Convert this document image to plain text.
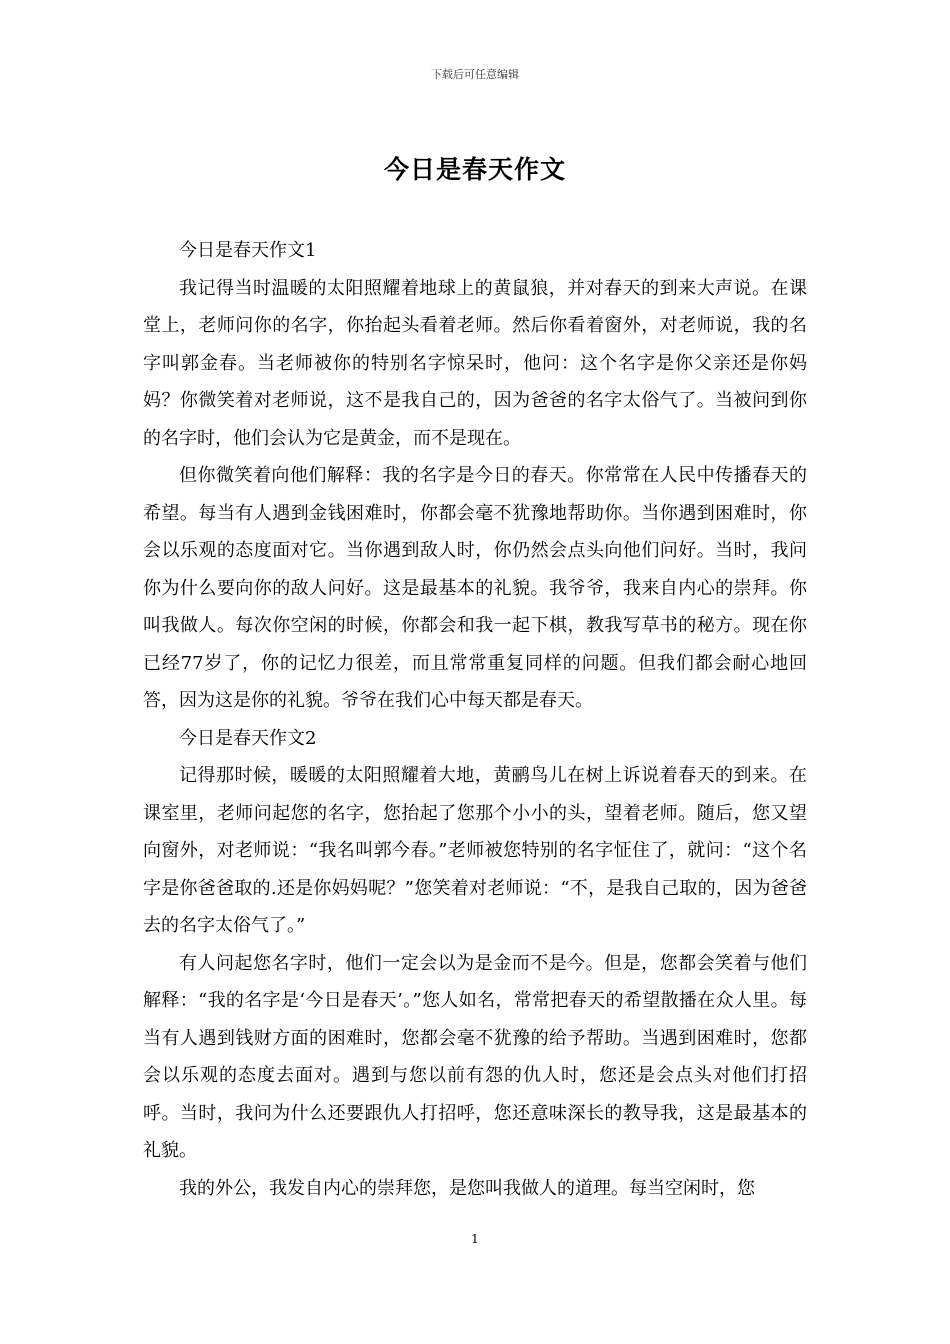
下载后可任意编辑
今日是春天作文

今日是春天作文1

我记得当时温暖的太阳照耀着地球上的黄鼠狼，并对春天的到来大声说。在课堂上，老师问你的名字，你抬起头看着老师。然后你看着窗外，对老师说，我的名字叫郭金春。当老师被你的特别名字惊呆时，他问：这个名字是你父亲还是你妈妈？你微笑着对老师说，这不是我自己的，因为爸爸的名字太俗气了。当被问到你的名字时，他们会认为它是黄金，而不是现在。

但你微笑着向他们解释：我的名字是今日的春天。你常常在人民中传播春天的希望。每当有人遇到金钱困难时，你都会毫不犹豫地帮助你。当你遇到困难时，你会以乐观的态度面对它。当你遇到敌人时，你仍然会点头向他们问好。当时，我问你为什么要向你的敌人问好。这是最基本的礼貌。我爷爷，我来自内心的崇拜。你叫我做人。每次你空闲的时候，你都会和我一起下棋，教我写草书的秘方。现在你已经77岁了，你的记忆力很差，而且常常重复同样的问题。但我们都会耐心地回答，因为这是你的礼貌。爷爷在我们心中每天都是春天。

今日是春天作文2

记得那时候，暖暖的太阳照耀着大地，黄鹂鸟儿在树上诉说着春天的到来。在课室里，老师问起您的名字，您抬起了您那个小小的头，望着老师。随后，您又望向窗外，对老师说：“我名叫郭今春。”老师被您特别的名字怔住了，就问：“这个名字是你爸爸取的.还是你妈妈呢？”您笑着对老师说：“不，是我自己取的，因为爸爸去的名字太俗气了。”

有人问起您名字时，他们一定会以为是金而不是今。但是，您都会笑着与他们解释：“我的名字是‘今日是春天’。”您人如名，常常把春天的希望散播在众人里。每当有人遇到钱财方面的困难时，您都会毫不犹豫的给予帮助。当遇到困难时，您都会以乐观的态度去面对。遇到与您以前有怨的仇人时，您还是会点头对他们打招呼。当时，我问为什么还要跟仇人打招呼，您还意味深长的教导我，这是最基本的礼貌。

我的外公，我发自内心的崇拜您，是您叫我做人的道理。每当空闲时，您

1
